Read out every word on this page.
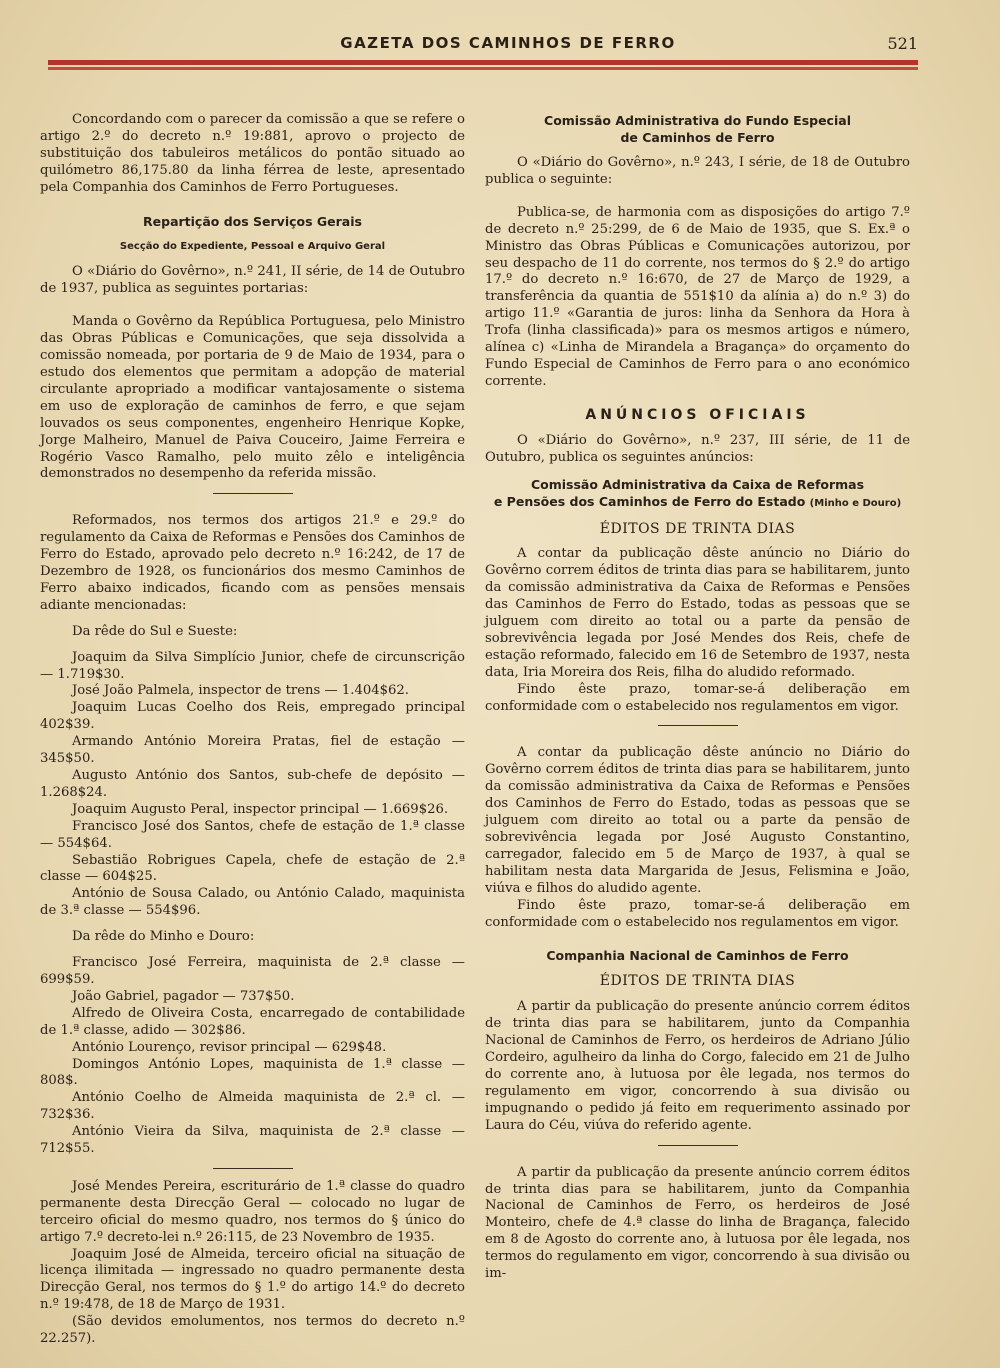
GAZETA DOS CAMINHOS DE FERRO	521

Concordando com o parecer da comissão a que se refere o artigo 2.º do decreto n.º 19:881, aprovo o projecto de substituição dos tabuleiros metálicos do pontão situado ao quilómetro 86,175.80 da linha férrea de leste, apresentado pela Companhia dos Caminhos de Ferro Portugueses.

Repartição dos Serviços Gerais
Secção do Expediente, Pessoal e Arquivo Geral

O «Diário do Govêrno», n.º 241, II série, de 14 de Outubro de 1937, publica as seguintes portarias:

Manda o Govêrno da República Portuguesa, pelo Ministro das Obras Públicas e Comunicações, que seja dissolvida a comissão nomeada, por portaria de 9 de Maio de 1934, para o estudo dos elementos que permitam a adopção de material circulante apropriado a modificar vantajosamente o sistema em uso de exploração de caminhos de ferro, e que sejam louvados os seus componentes, engenheiro Henrique Kopke, Jorge Malheiro, Manuel de Paiva Couceiro, Jaime Ferreira e Rogério Vasco Ramalho, pelo muito zêlo e inteligência demonstrados no desempenho da referida missão.

Reformados, nos termos dos artigos 21.º e 29.º do regulamento da Caixa de Reformas e Pensões dos Caminhos de Ferro do Estado, aprovado pelo decreto n.º 16:242, de 17 de Dezembro de 1928, os funcionários dos mesmo Caminhos de Ferro abaixo indicados, ficando com as pensões mensais adiante mencionadas:

Da rêde do Sul e Sueste:

Joaquim da Silva Simplício Junior, chefe de circunscrição — 1.719$30.

José João Palmela, inspector de trens — 1.404$62.

Joaquim Lucas Coelho dos Reis, empregado principal 402$39.

Armando António Moreira Pratas, fiel de estação — 345$50.

Augusto António dos Santos, sub-chefe de depósito — 1.268$24.

Joaquim Augusto Peral, inspector principal — 1.669$26.

Francisco José dos Santos, chefe de estação de 1.ª classe — 554$64.

Sebastião Robrigues Capela, chefe de estação de 2.ª classe — 604$25.

António de Sousa Calado, ou António Calado, maquinista de 3.ª classe — 554$96.

Da rêde do Minho e Douro:

Francisco José Ferreira, maquinista de 2.ª classe — 699$59.

João Gabriel, pagador — 737$50.

Alfredo de Oliveira Costa, encarregado de contabilidade de 1.ª classe, adido — 302$86.

António Lourenço, revisor principal — 629$48.

Domingos António Lopes, maquinista de 1.ª classe — 808$.

António Coelho de Almeida maquinista de 2.ª cl. — 732$36.

António Vieira da Silva, maquinista de 2.ª classe — 712$55.

José Mendes Pereira, escriturário de 1.ª classe do quadro permanente desta Direcção Geral — colocado no lugar de terceiro oficial do mesmo quadro, nos termos do § único do artigo 7.º decreto-lei n.º 26:115, de 23 Novembro de 1935.

Joaquim José de Almeida, terceiro oficial na situação de licença ilimitada — ingressado no quadro permanente desta Direcção Geral, nos termos do § 1.º do artigo 14.º do decreto n.º 19:478, de 18 de Março de 1931.

(São devidos emolumentos, nos termos do decreto n.º 22.257).

Comissão Administrativa do Fundo Especial
de Caminhos de Ferro

O «Diário do Govêrno», n.º 243, I série, de 18 de Outubro publica o seguinte:

Publica-se, de harmonia com as disposições do artigo 7.º de decreto n.º 25:299, de 6 de Maio de 1935, que S. Ex.ª o Ministro das Obras Públicas e Comunicações autorizou, por seu despacho de 11 do corrente, nos termos do § 2.º do artigo 17.º do decreto n.º 16:670, de 27 de Março de 1929, a transferência da quantia de 551$10 da alínia a) do n.º 3) do artigo 11.º «Garantia de juros: linha da Senhora da Hora à Trofa (linha classificada)» para os mesmos artigos e número, alínea c) «Linha de Mirandela a Bragança» do orçamento do Fundo Especial de Caminhos de Ferro para o ano económico corrente.

ANÚNCIOS OFICIAIS

O «Diário do Govêrno», n.º 237, III série, de 11 de Outubro, publica os seguintes anúncios:

Comissão Administrativa da Caixa de Reformas
e Pensões dos Caminhos de Ferro do Estado (Minho e Douro)
ÉDITOS DE TRINTA DIAS

A contar da publicação dêste anúncio no Diário do Govêrno correm éditos de trinta dias para se habilitarem, junto da comissão administrativa da Caixa de Reformas e Pensões das Caminhos de Ferro do Estado, todas as pessoas que se julguem com direito ao total ou a parte da pensão de sobrevivência legada por José Mendes dos Reis, chefe de estação reformado, falecido em 16 de Setembro de 1937, nesta data, Iria Moreira dos Reis, filha do aludido reformado.

Findo êste prazo, tomar-se-á deliberação em conformidade com o estabelecido nos regulamentos em vigor.

A contar da publicação dêste anúncio no Diário do Govêrno correm éditos de trinta dias para se habilitarem, junto da comissão administrativa da Caixa de Reformas e Pensões dos Caminhos de Ferro do Estado, todas as pessoas que se julguem com direito ao total ou a parte da pensão de sobrevivência legada por José Augusto Constantino, carregador, falecido em 5 de Março de 1937, à qual se habilitam nesta data Margarida de Jesus, Felismina e João, viúva e filhos do aludido agente.

Findo êste prazo, tomar-se-á deliberação em conformidade com o estabelecido nos regulamentos em vigor.

Companhia Nacional de Caminhos de Ferro
ÉDITOS DE TRINTA DIAS

A partir da publicação do presente anúncio correm éditos de trinta dias para se habilitarem, junto da Companhia Nacional de Caminhos de Ferro, os herdeiros de Adriano Júlio Cordeiro, agulheiro da linha do Corgo, falecido em 21 de Julho do corrente ano, à lutuosa por êle legada, nos termos do regulamento em vigor, concorrendo à sua divisão ou impugnando o pedido já feito em requerimento assinado por Laura do Céu, viúva do referido agente.

A partir da publicação da presente anúncio correm éditos de trinta dias para se habilitarem, junto da Companhia Nacional de Caminhos de Ferro, os herdeiros de José Monteiro, chefe de 4.ª classe do linha de Bragança, falecido em 8 de Agosto do corrente ano, à lutuosa por êle legada, nos termos do regulamento em vigor, concorrendo à sua divisão ou im-
